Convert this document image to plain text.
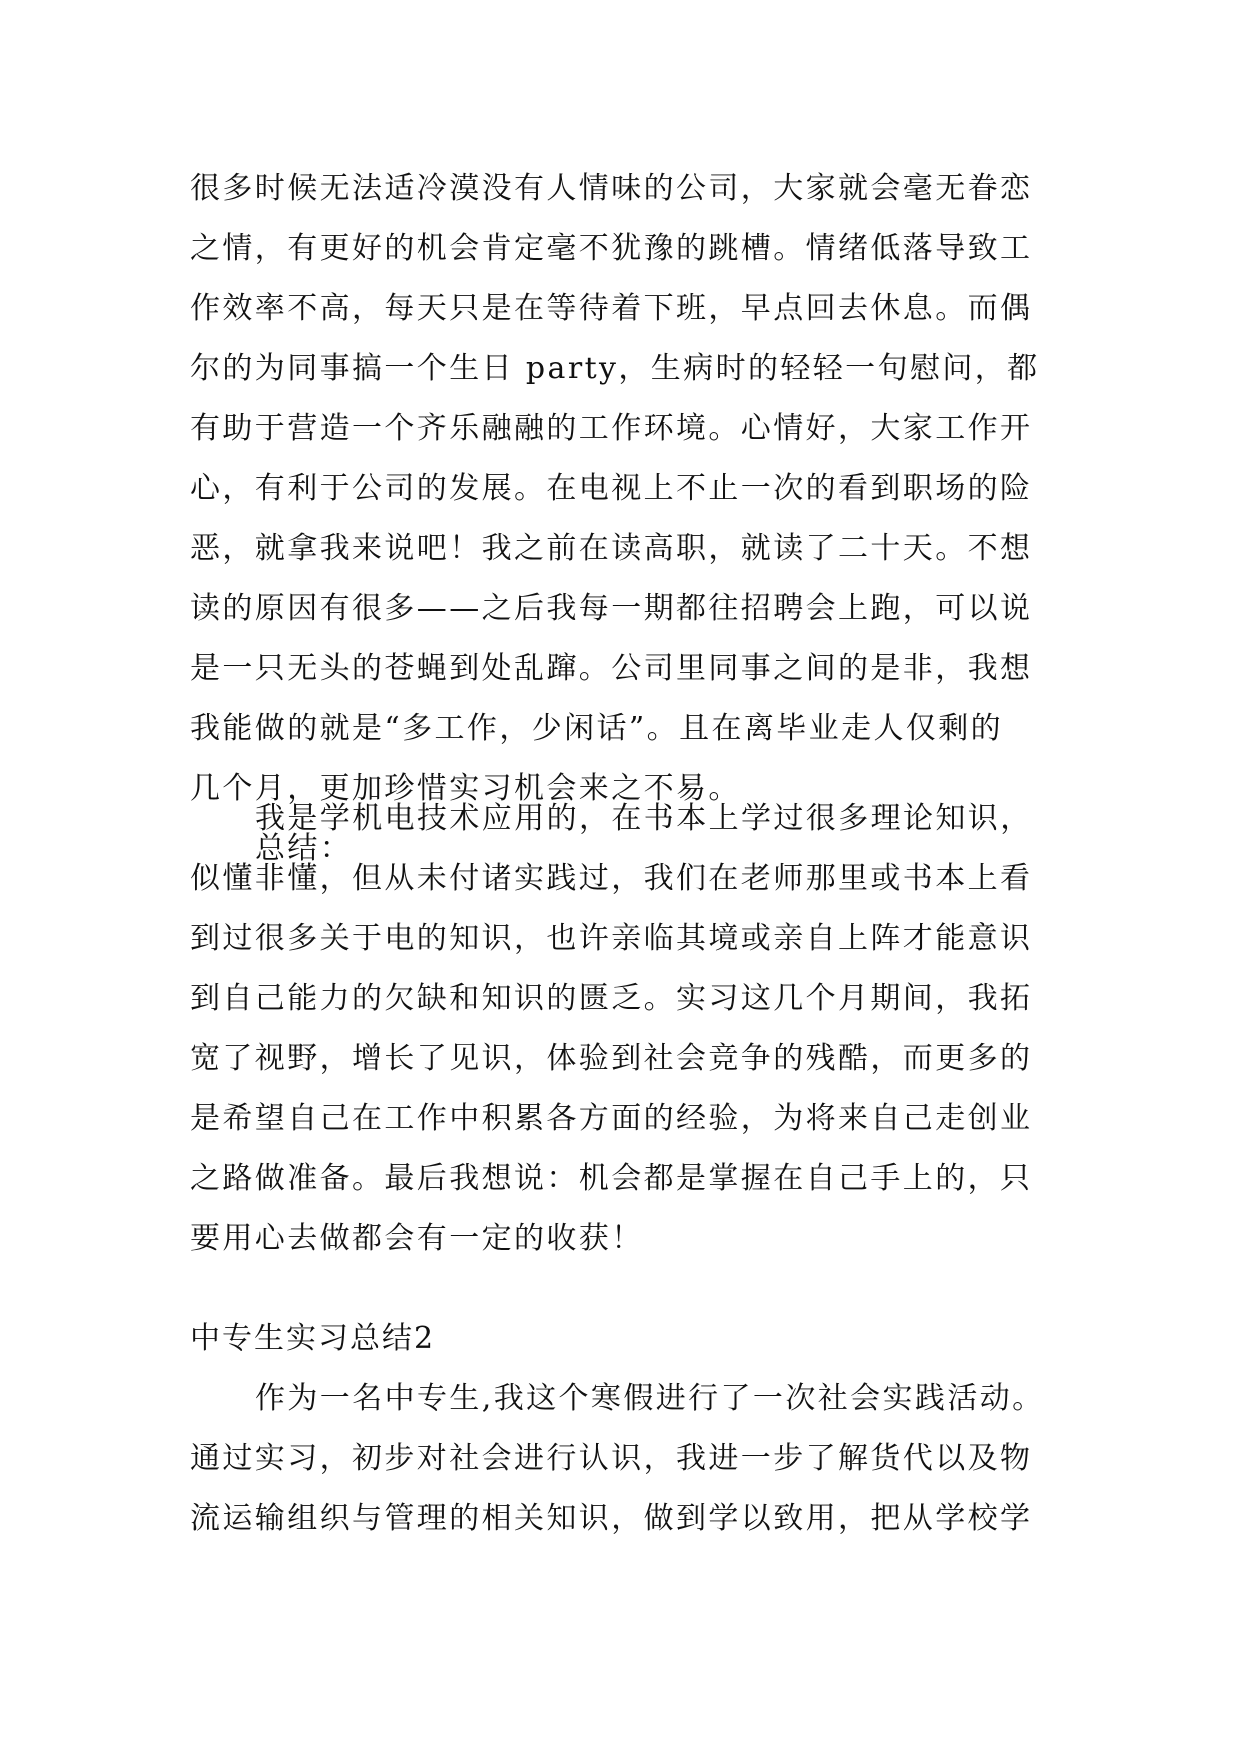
很多时候无法适冷漠没有人情味的公司，大家就会毫无眷恋
之情，有更好的机会肯定毫不犹豫的跳槽。情绪低落导致工
作效率不高，每天只是在等待着下班，早点回去休息。而偶
尔的为同事搞一个生日 party，生病时的轻轻一句慰问，都
有助于营造一个齐乐融融的工作环境。心情好，大家工作开
心，有利于公司的发展。在电视上不止一次的看到职场的险
恶，就拿我来说吧！我之前在读高职，就读了二十天。不想
读的原因有很多——之后我每一期都往招聘会上跑，可以说
是一只无头的苍蝇到处乱蹿。公司里同事之间的是非，我想
我能做的就是“多工作，少闲话”。且在离毕业走人仅剩的
几个月，更加珍惜实习机会来之不易。
总结：
我是学机电技术应用的，在书本上学过很多理论知识，
似懂非懂，但从未付诸实践过，我们在老师那里或书本上看
到过很多关于电的知识，也许亲临其境或亲自上阵才能意识
到自己能力的欠缺和知识的匮乏。实习这几个月期间，我拓
宽了视野，增长了见识，体验到社会竞争的残酷，而更多的
是希望自己在工作中积累各方面的经验，为将来自己走创业
之路做准备。最后我想说：机会都是掌握在自己手上的，只
要用心去做都会有一定的收获！
中专生实习总结2
作为一名中专生,我这个寒假进行了一次社会实践活动。
通过实习，初步对社会进行认识，我进一步了解货代以及物
流运输组织与管理的相关知识，做到学以致用，把从学校学
